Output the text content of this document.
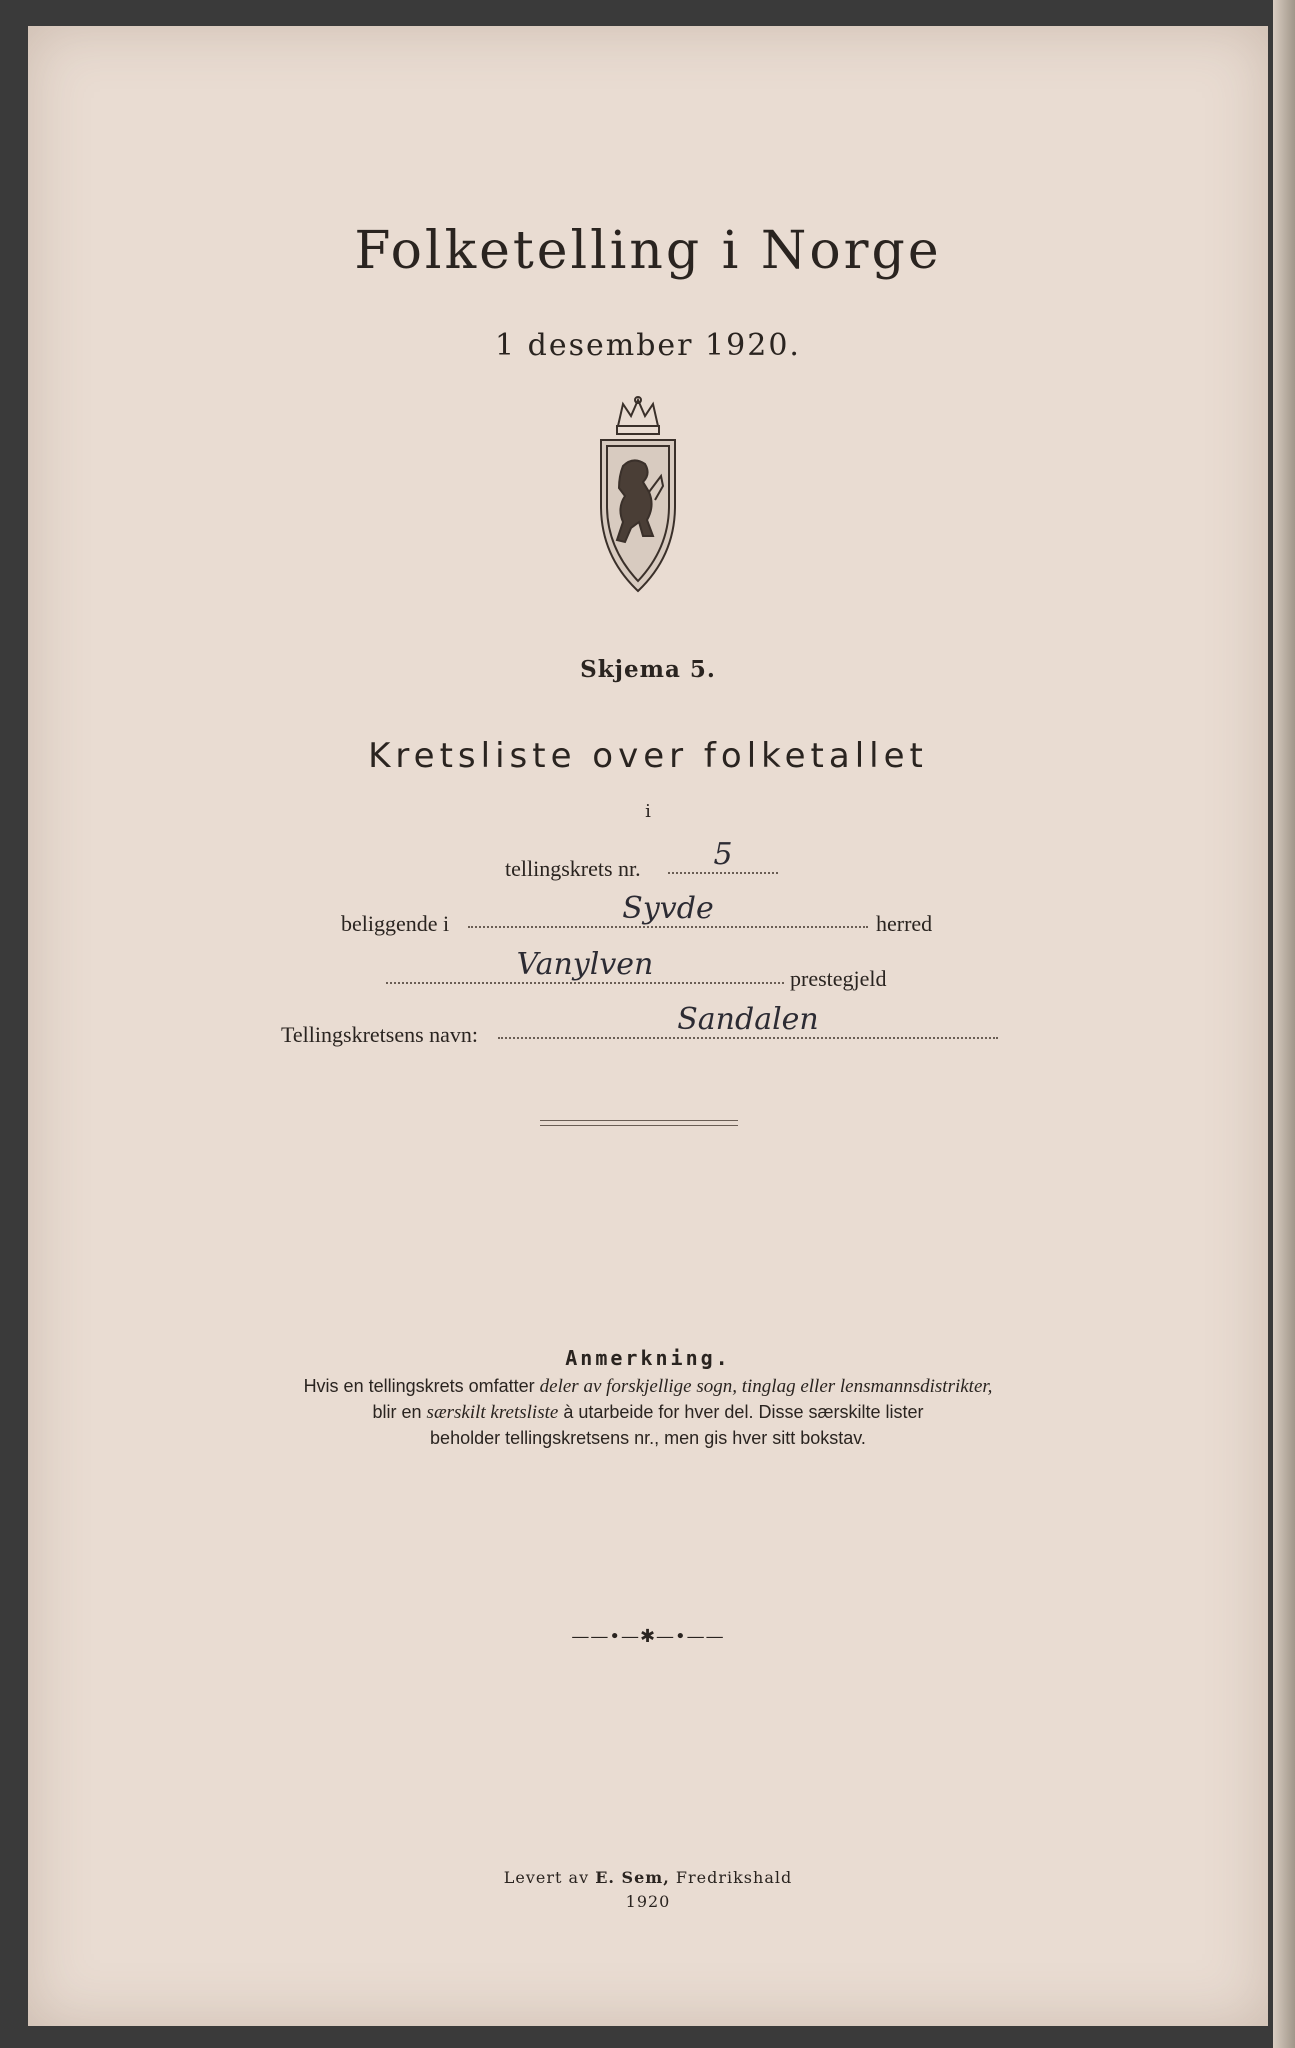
Folketelling i Norge
1 desember 1920.
Skjema 5.
Kretsliste over folketallet
i
tellingskrets nr.	5
beliggende i	Syvde	herred
Vanylven	prestegjeld
Tellingskretsens navn:	Sandalen
Anmerkning.
Hvis en tellingskrets omfatter deler av forskjellige sogn, tinglag eller lensmannsdistrikter,
blir en særskilt kretsliste à utarbeide for hver del. Disse særskilte lister
beholder tellingskretsens nr., men gis hver sitt bokstav.
——•—✱—•——
Levert av E. Sem, Fredrikshald
1920
